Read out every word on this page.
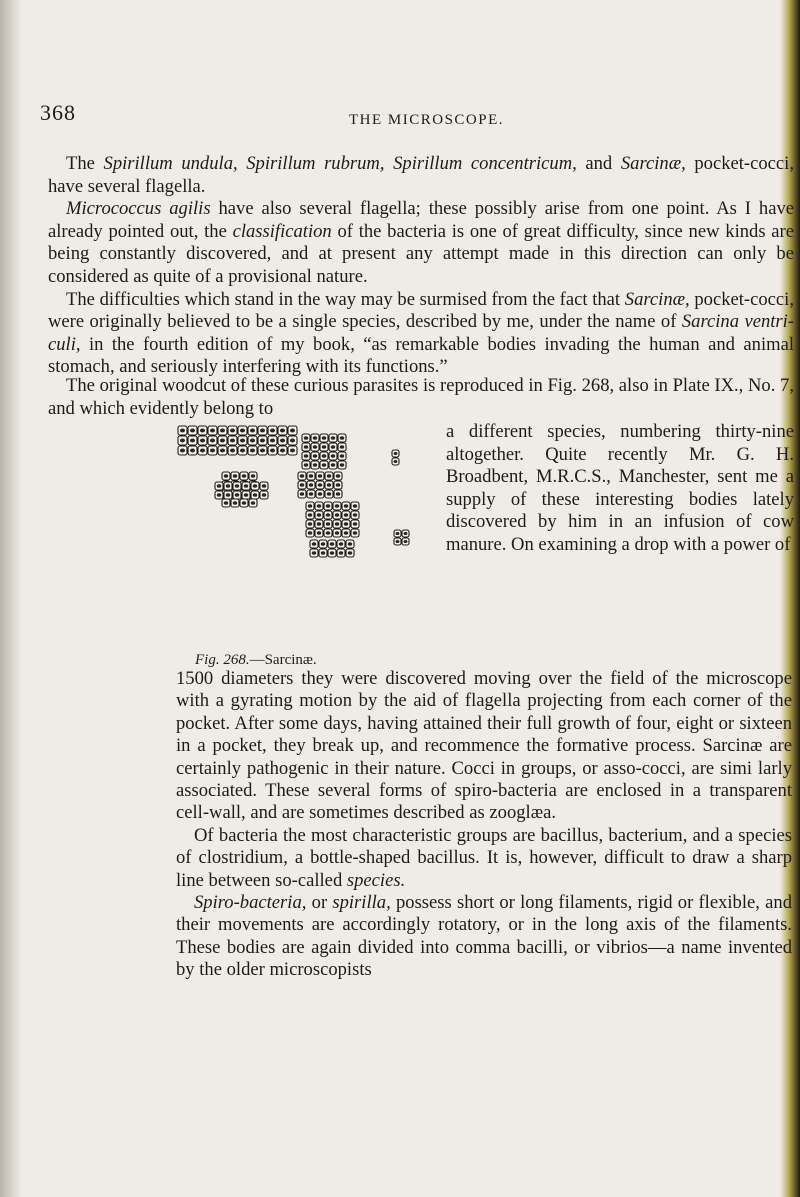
368	THE MICROSCOPE.

The Spirillum undula, Spirillum rubrum, Spirillum concentricum, and Sarcinæ, pocket-cocci, have several flagella.

Micrococcus agilis have also several flagella; these possibly arise from one point. As I have already pointed out, the classification of the bacteria is one of great difficulty, since new kinds are being constantly discovered, and at present any attempt made in this direction can only be considered as quite of a provisional nature.

The difficulties which stand in the way may be surmised from the fact that Sarcinæ, pocket-cocci, were originally believed to be a single species, described by me, under the name of Sarcina ventri-culi, in the fourth edition of my book, “as remarkable bodies invading the human and animal stomach, and seriously interfering with its functions.”

The original woodcut of these curious parasites is reproduced in Fig. 268, also in Plate IX., No. 7, and which evidently belong to

Fig. 268.—Sarcinæ.

a different species, numbering thirty-nine altogether. Quite recently Mr. G. H. Broadbent, M.R.C.S., Manchester, sent me a supply of these interesting bodies lately discovered by him in an infusion of cow manure. On examining a drop with a power of

1500 diameters they were discovered moving over the field of the microscope with a gyrating motion by the aid of flagella projecting from each corner of the pocket. After some days, having attained their full growth of four, eight or sixteen in a pocket, they break up, and recommence the formative process. Sarcinæ are certainly pathogenic in their nature. Cocci in groups, or asso-cocci, are simi larly associated. These several forms of spiro-bacteria are enclosed in a transparent cell-wall, and are sometimes described as zooglæa.

Of bacteria the most characteristic groups are bacillus, bacterium, and a species of clostridium, a bottle-shaped bacillus. It is, however, difficult to draw a sharp line between so-called species.

Spiro-bacteria, or spirilla, possess short or long filaments, rigid or flexible, and their movements are accordingly rotatory, or in the long axis of the filaments. These bodies are again divided into comma bacilli, or vibrios—a name invented by the older microscopists
